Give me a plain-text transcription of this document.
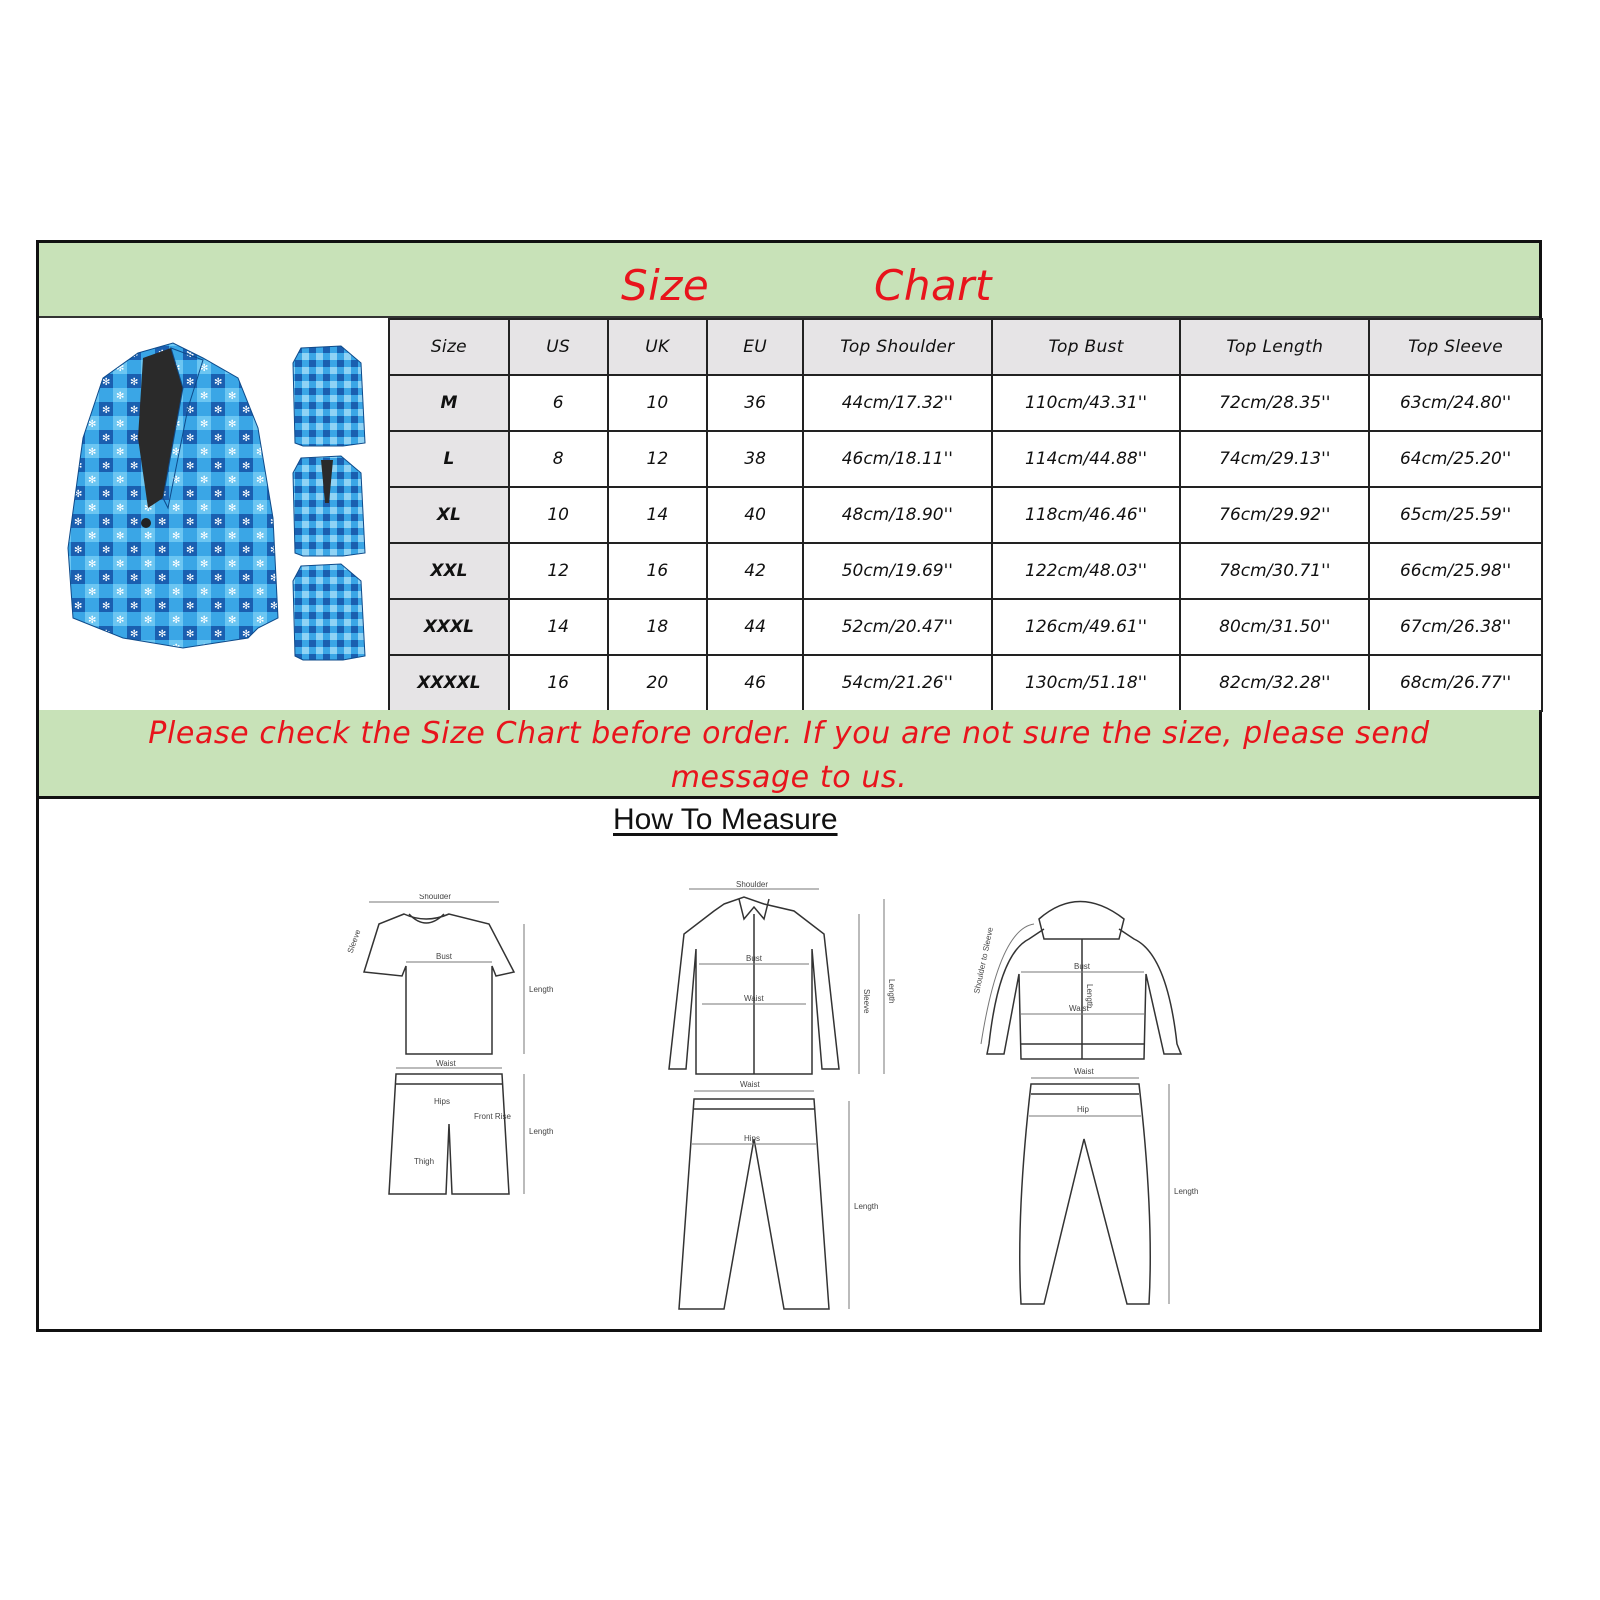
Size	Chart
Size	US	UK	EU	Top Shoulder	Top Bust	Top Length	Top Sleeve
M	6	10	36	44cm/17.32''	110cm/43.31''	72cm/28.35''	63cm/24.80''
L	8	12	38	46cm/18.11''	114cm/44.88''	74cm/29.13''	64cm/25.20''
XL	10	14	40	48cm/18.90''	118cm/46.46''	76cm/29.92''	65cm/25.59''
XXL	12	16	42	50cm/19.69''	122cm/48.03''	78cm/30.71''	66cm/25.98''
XXXL	14	18	44	52cm/20.47''	126cm/49.61''	80cm/31.50''	67cm/26.38''
XXXXL	16	20	46	54cm/21.26''	130cm/51.18''	82cm/32.28''	68cm/26.77''
Please check the Size Chart before order. If you are not sure the size, please send message to us.
How To Measure
Shoulder
Bust
Length
Sleeve
Waist
Hips
Front Rise
Thigh
Length
Shoulder
Bust
Waist	Sleeve Length
Waist
Hips
Length
Bust
Waist
Length
Shoulder to Sleeve
Waist
Hip
Length
